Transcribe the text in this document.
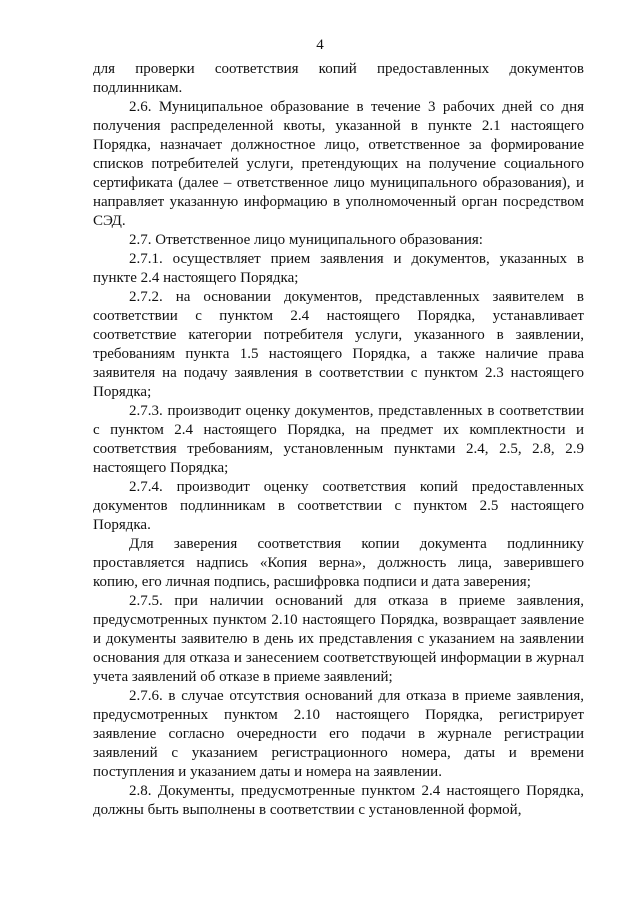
4

для проверки соответствия копий предоставленных документов подлинникам.

2.6. Муниципальное образование в течение 3 рабочих дней со дня получения распределенной квоты, указанной в пункте 2.1 настоящего Порядка, назначает должностное лицо, ответственное за формирование списков потребителей услуги, претендующих на получение социального сертификата (далее – ответственное лицо муниципального образования), и направляет указанную информацию в уполномоченный орган посредством СЭД.

2.7. Ответственное лицо муниципального образования:

2.7.1. осуществляет прием заявления и документов, указанных в пункте 2.4 настоящего Порядка;

2.7.2. на основании документов, представленных заявителем в соответствии с пунктом 2.4 настоящего Порядка, устанавливает соответствие категории потребителя услуги, указанного в заявлении, требованиям пункта 1.5 настоящего Порядка, а также наличие права заявителя на подачу заявления в соответствии с пунктом 2.3 настоящего Порядка;

2.7.3. производит оценку документов, представленных в соответствии с пунктом 2.4 настоящего Порядка, на предмет их комплектности и соответствия требованиям, установленным пунктами 2.4, 2.5, 2.8, 2.9 настоящего Порядка;

2.7.4. производит оценку соответствия копий предоставленных документов подлинникам в соответствии с пунктом 2.5 настоящего Порядка.

Для заверения соответствия копии документа подлиннику проставляется надпись «Копия верна», должность лица, заверившего копию, его личная подпись, расшифровка подписи и дата заверения;

2.7.5. при наличии оснований для отказа в приеме заявления, предусмотренных пунктом 2.10 настоящего Порядка, возвращает заявление и документы заявителю в день их представления с указанием на заявлении основания для отказа и занесением соответствующей информации в журнал учета заявлений об отказе в приеме заявлений;

2.7.6. в случае отсутствия оснований для отказа в приеме заявления, предусмотренных пунктом 2.10 настоящего Порядка, регистрирует заявление согласно очередности его подачи в журнале регистрации заявлений с указанием регистрационного номера, даты и времени поступления и указанием даты и номера на заявлении.

2.8. Документы, предусмотренные пунктом 2.4 настоящего Порядка, должны быть выполнены в соответствии с установленной формой,
